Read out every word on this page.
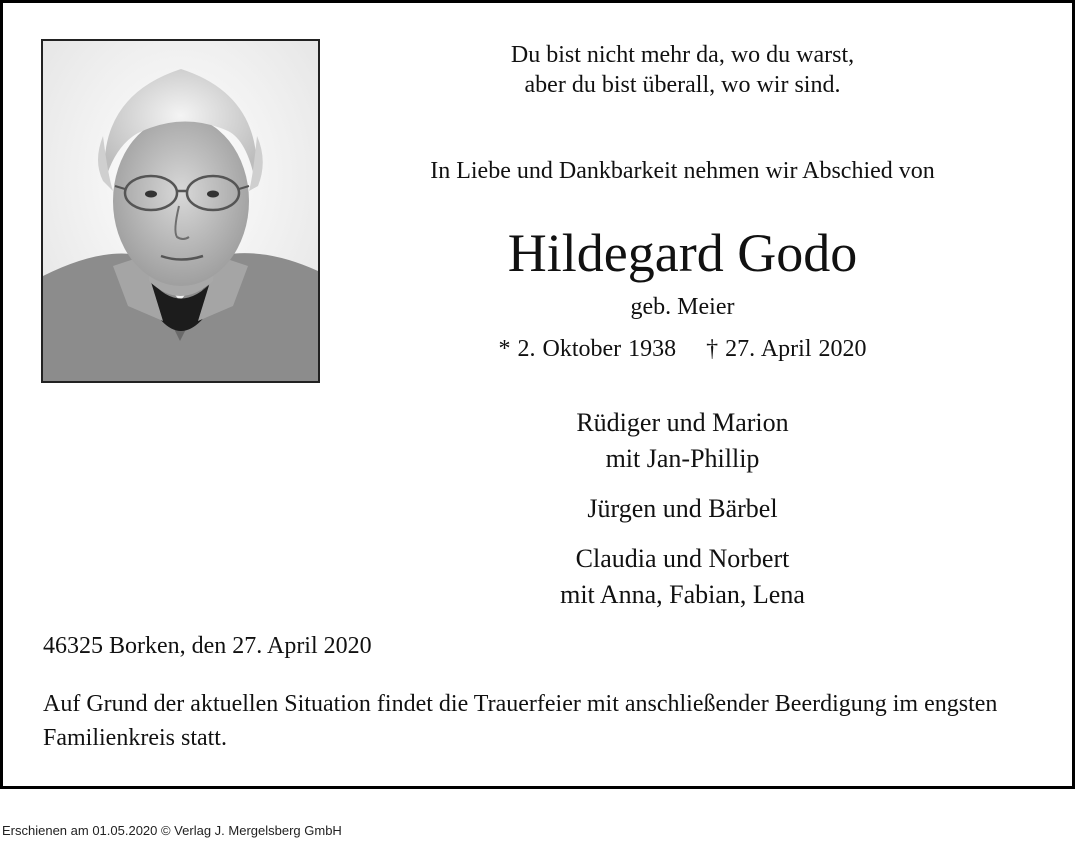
Du bist nicht mehr da, wo du warst,
aber du bist überall, wo wir sind.
In Liebe und Dankbarkeit nehmen wir Abschied von
Hildegard Godo
geb. Meier
* 2. Oktober 1938 † 27. April 2020
Rüdiger und Marion
mit Jan-Phillip
Jürgen und Bärbel
Claudia und Norbert
mit Anna, Fabian, Lena
46325 Borken, den 27. April 2020
Auf Grund der aktuellen Situation findet die Trauerfeier mit anschließender Beerdigung im engsten Familienkreis statt.
Erschienen am 01.05.2020 © Verlag J. Mergelsberg GmbH
